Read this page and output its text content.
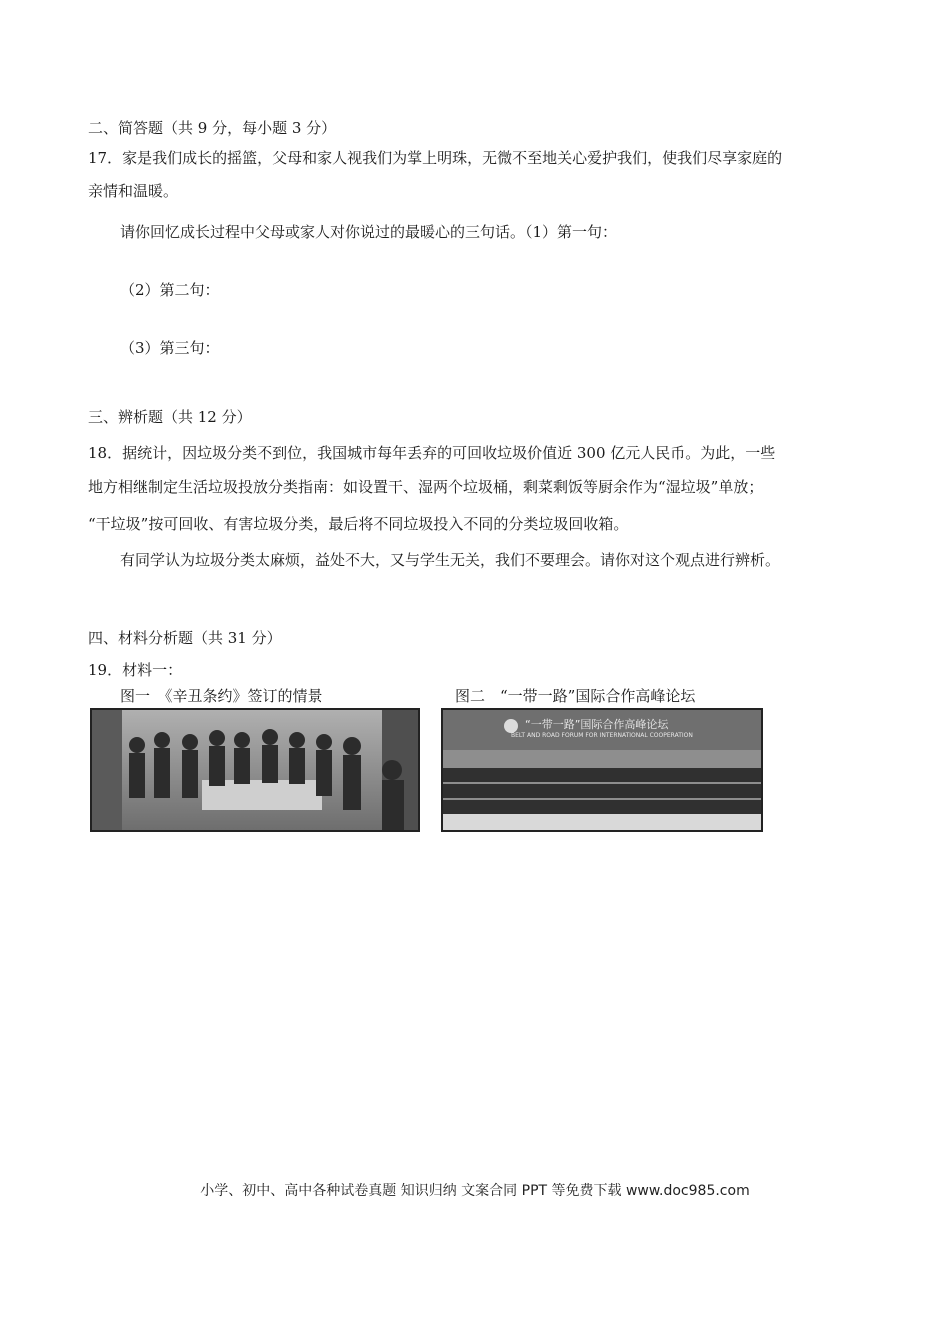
二、简答题（共 9 分，每小题 3 分）
17．家是我们成长的摇篮，父母和家人视我们为掌上明珠，无微不至地关心爱护我们，使我们尽享家庭的
亲情和温暖。
请你回忆成长过程中父母或家人对你说过的最暖心的三句话。（1）第一句：
（2）第二句：
（3）第三句：
三、辨析题（共 12 分）
18．据统计，因垃圾分类不到位，我国城市每年丢弃的可回收垃圾价值近 300 亿元人民币。为此，一些
地方相继制定生活垃圾投放分类指南：如设置干、湿两个垃圾桶，剩菜剩饭等厨余作为“湿垃圾”单放；
“干垃圾”按可回收、有害垃圾分类，最后将不同垃圾投入不同的分类垃圾回收箱。
有同学认为垃圾分类太麻烦，益处不大，又与学生无关，我们不要理会。请你对这个观点进行辨析。
四、材料分析题（共 31 分）
19．材料一：
图一　《辛丑条约》签订的情景	图二　“一带一路”国际合作高峰论坛
“一带一路”国际合作高峰论坛
BELT AND ROAD FORUM FOR INTERNATIONAL COOPERATION
小学、初中、高中各种试卷真题 知识归纳 文案合同 PPT 等免费下载 www.doc985.com
